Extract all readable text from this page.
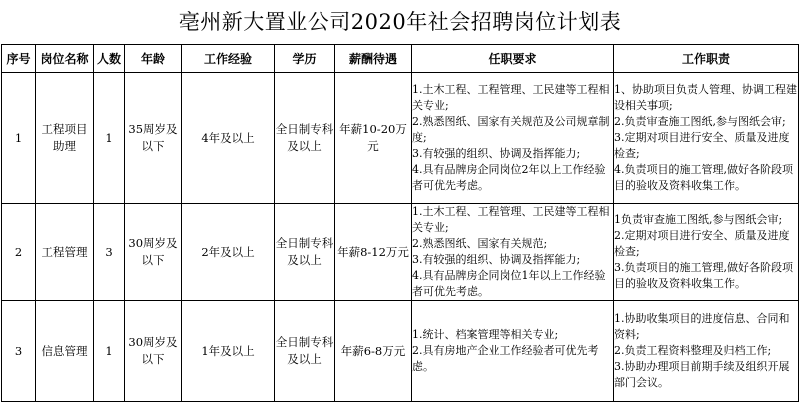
亳州新大置业公司2020年社会招聘岗位计划表
序号	岗位名称	人数	年龄	工作经验	学历	薪酬待遇	任职要求	工作职责
1	工程项目助理	1	35周岁及以下	4年及以上	全日制专科及以上	年薪10-20万元	1.土木工程、工程管理、工民建等工程相关专业;
2.熟悉图纸、国家有关规范及公司规章制度;
3.有较强的组织、协调及指挥能力;
4.具有品牌房企同岗位2年以上工作经验者可优先考虑。	1、协助项目负责人管理、协调工程建设相关事项;
2.负责审查施工图纸,参与图纸会审;
3.定期对项目进行安全、质量及进度检查;
4.负责项目的施工管理,做好各阶段项目的验收及资料收集工作。

2	工程管理	3	30周岁及以下	2年及以上	全日制专科及以上	年薪8-12万元	1.土木工程、工程管理、工民建等工程相关专业;
2.熟悉图纸、国家有关规范;
3.有较强的组织、协调及指挥能力;
4.具有品牌房企同岗位1年以上工作经验者可优先考虑。	1负责审查施工图纸,参与图纸会审;
2.定期对项目进行安全、质量及进度检查;
3.负责项目的施工管理,做好各阶段项目的验收及资料收集工作。

3	信息管理	1	30周岁及以下	1年及以上	全日制专科及以上	年薪6-8万元	1.统计、档案管理等相关专业;
2.具有房地产企业工作经验者可优先考虑。	1.协助收集项目的进度信息、合同和资料;
2.负责工程资料整理及归档工作;
3.协助办理项目前期手续及组织开展部门会议。
